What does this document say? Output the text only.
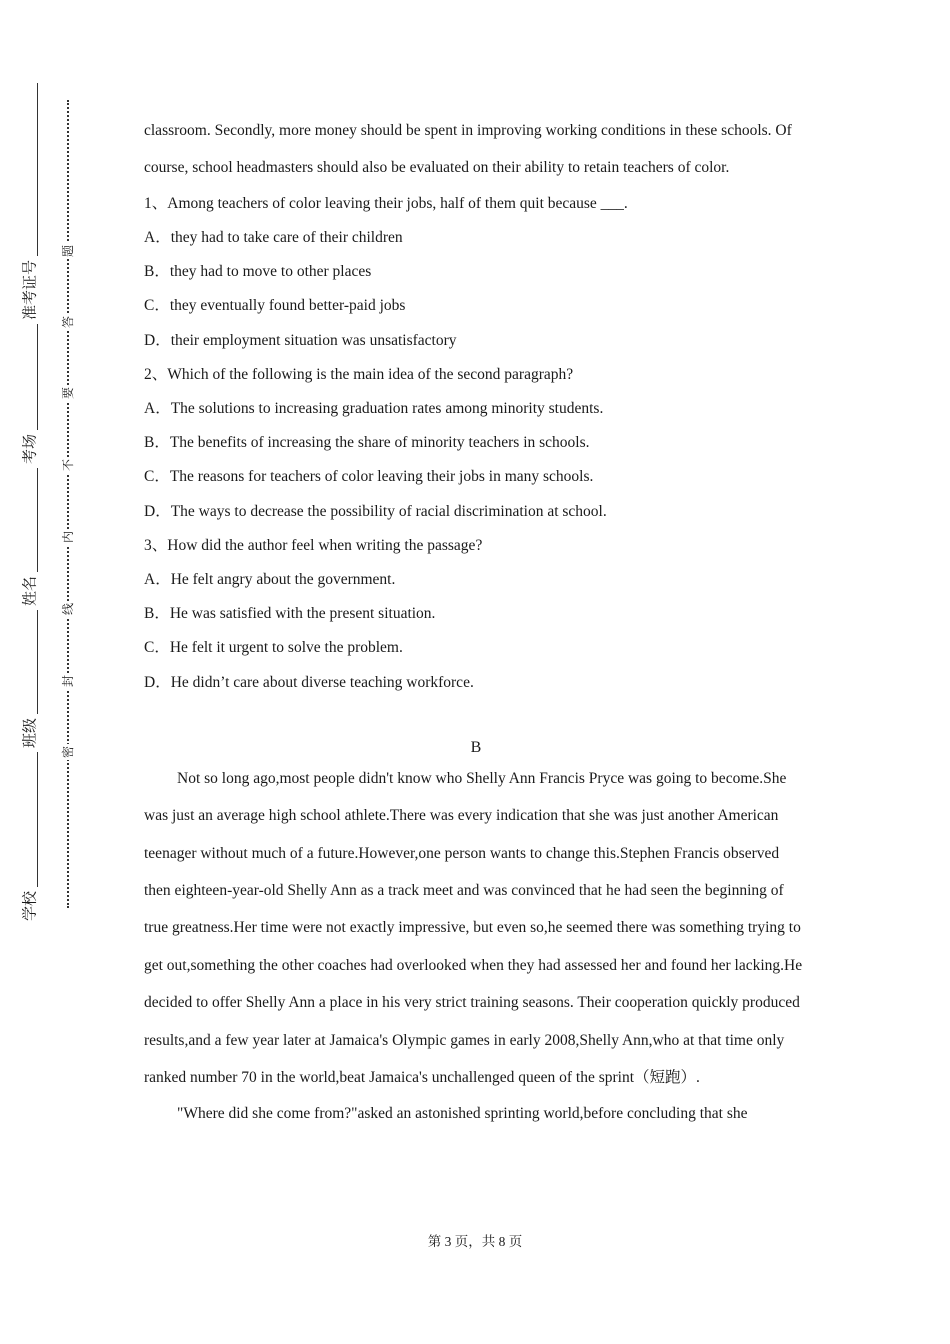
准考证号
考场
姓名
班级
学校
题
答
要
不
内
线
封
密

classroom. Secondly, more money should be spent in improving working conditions in these schools. Of course, school headmasters should also be evaluated on their ability to retain teachers of color.

1、Among teachers of color leaving their jobs, half of them quit because ___.

A．they had to take care of their children

B．they had to move to other places

C．they eventually found better-paid jobs

D．their employment situation was unsatisfactory

2、Which of the following is the main idea of the second paragraph?

A．The solutions to increasing graduation rates among minority students.

B．The benefits of increasing the share of minority teachers in schools.

C．The reasons for teachers of color leaving their jobs in many schools.

D．The ways to decrease the possibility of racial discrimination at school.

3、How did the author feel when writing the passage?

A．He felt angry about the government.

B．He was satisfied with the present situation.

C．He felt it urgent to solve the problem.

D．He didn’t care about diverse teaching workforce.

B

Not so long ago,most people didn't know who Shelly Ann Francis Pryce was going to become.She was just an average high school athlete.There was every indication that she was just another American teenager without much of a future.However,one person wants to change this.Stephen Francis observed then eighteen-year-old Shelly Ann as a track meet and was convinced that he had seen the beginning of true greatness.Her time were not exactly impressive, but even so,he seemed there was something trying to get out,something the other coaches had overlooked when they had assessed her and found her lacking.He decided to offer Shelly Ann a place in his very strict training seasons. Their cooperation quickly produced results,and a few year later at Jamaica's Olympic games in early 2008,Shelly Ann,who at that time only ranked number 70 in the world,beat Jamaica's unchallenged queen of the sprint（短跑）.

"Where did she come from?"asked an astonished sprinting world,before concluding that she

第 3 页，共 8 页
